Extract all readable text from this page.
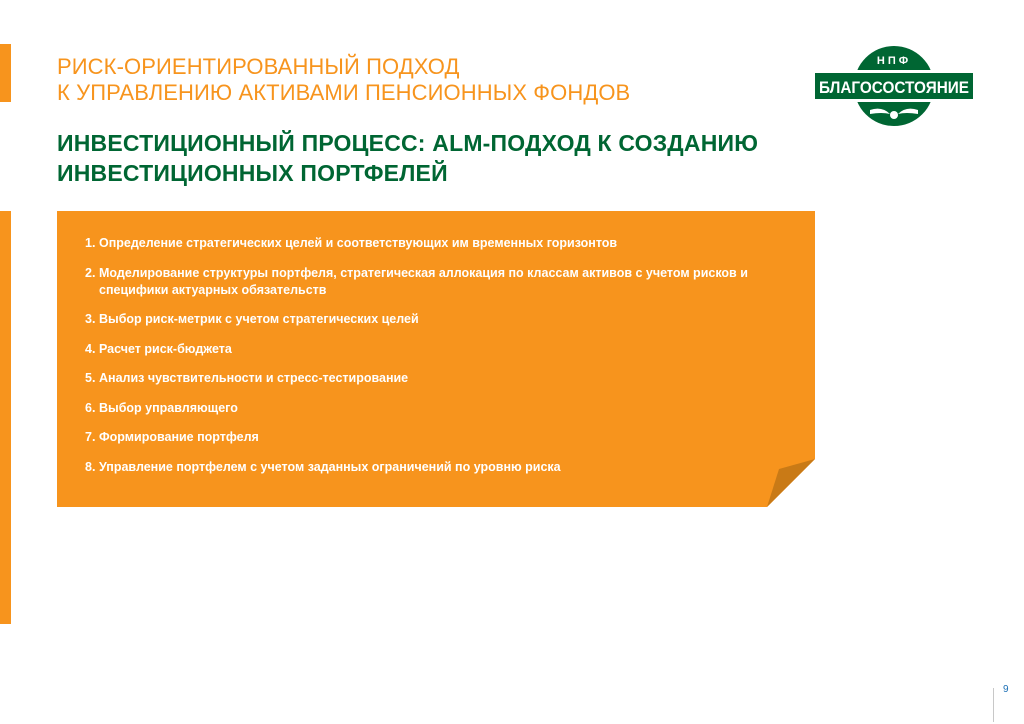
РИСК-ОРИЕНТИРОВАННЫЙ ПОДХОД
К УПРАВЛЕНИЮ АКТИВАМИ ПЕНСИОННЫХ ФОНДОВ
НПФ
БЛАГОСОСТОЯНИЕ
ИНВЕСТИЦИОННЫЙ ПРОЦЕСС: ALM-ПОДХОД К СОЗДАНИЮ
ИНВЕСТИЦИОННЫХ ПОРТФЕЛЕЙ
1. Определение стратегических целей и соответствующих им временных горизонтов
2. Моделирование структуры портфеля, стратегическая аллокация по классам активов с учетом рисков и специфики актуарных обязательств
3. Выбор риск-метрик с учетом стратегических целей
4. Расчет риск-бюджета
5. Анализ чувствительности и стресс-тестирование
6. Выбор управляющего
7. Формирование портфеля
8. Управление портфелем с учетом заданных ограничений по уровню риска
9
